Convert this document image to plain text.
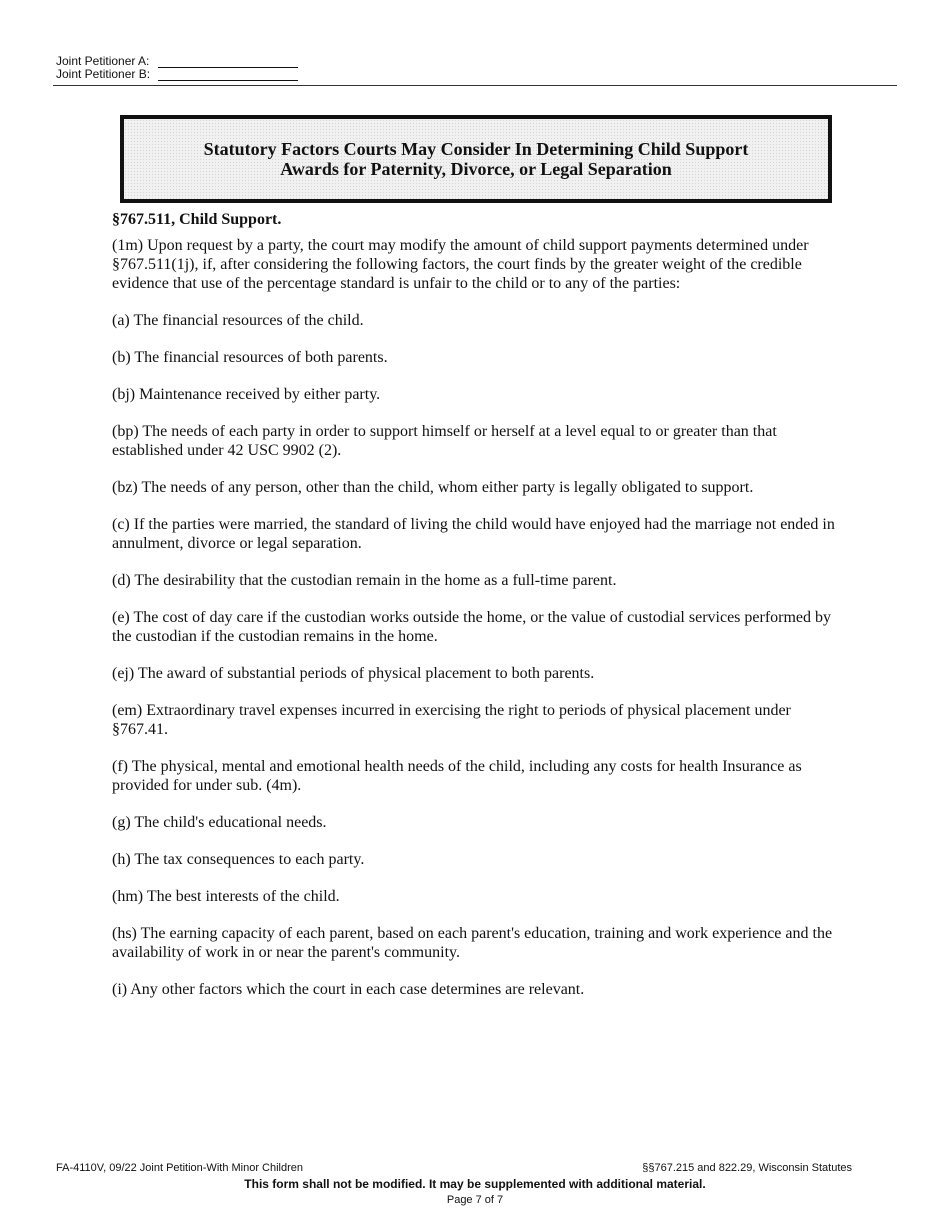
Joint Petitioner A:
Joint Petitioner B:
Statutory Factors Courts May Consider In Determining Child Support
Awards for Paternity, Divorce, or Legal Separation
§767.511, Child Support.
(1m) Upon request by a party, the court may modify the amount of child support payments determined under §767.511(1j), if, after considering the following factors, the court finds by the greater weight of the credible evidence that use of the percentage standard is unfair to the child or to any of the parties:
(a) The financial resources of the child.
(b) The financial resources of both parents.
(bj) Maintenance received by either party.
(bp) The needs of each party in order to support himself or herself at a level equal to or greater than that established under 42 USC 9902 (2).
(bz) The needs of any person, other than the child, whom either party is legally obligated to support.
(c) If the parties were married, the standard of living the child would have enjoyed had the marriage not ended in annulment, divorce or legal separation.
(d) The desirability that the custodian remain in the home as a full-time parent.
(e) The cost of day care if the custodian works outside the home, or the value of custodial services performed by the custodian if the custodian remains in the home.
(ej) The award of substantial periods of physical placement to both parents.
(em) Extraordinary travel expenses incurred in exercising the right to periods of physical placement under §767.41.
(f) The physical, mental and emotional health needs of the child, including any costs for health Insurance as provided for under sub. (4m).
(g) The child's educational needs.
(h) The tax consequences to each party.
(hm) The best interests of the child.
(hs) The earning capacity of each parent, based on each parent's education, training and work experience and the availability of work in or near the parent's community.
(i) Any other factors which the court in each case determines are relevant.
FA-4110V, 09/22 Joint Petition-With Minor Children	§§767.215 and 822.29, Wisconsin Statutes
This form shall not be modified. It may be supplemented with additional material.
Page 7 of 7
